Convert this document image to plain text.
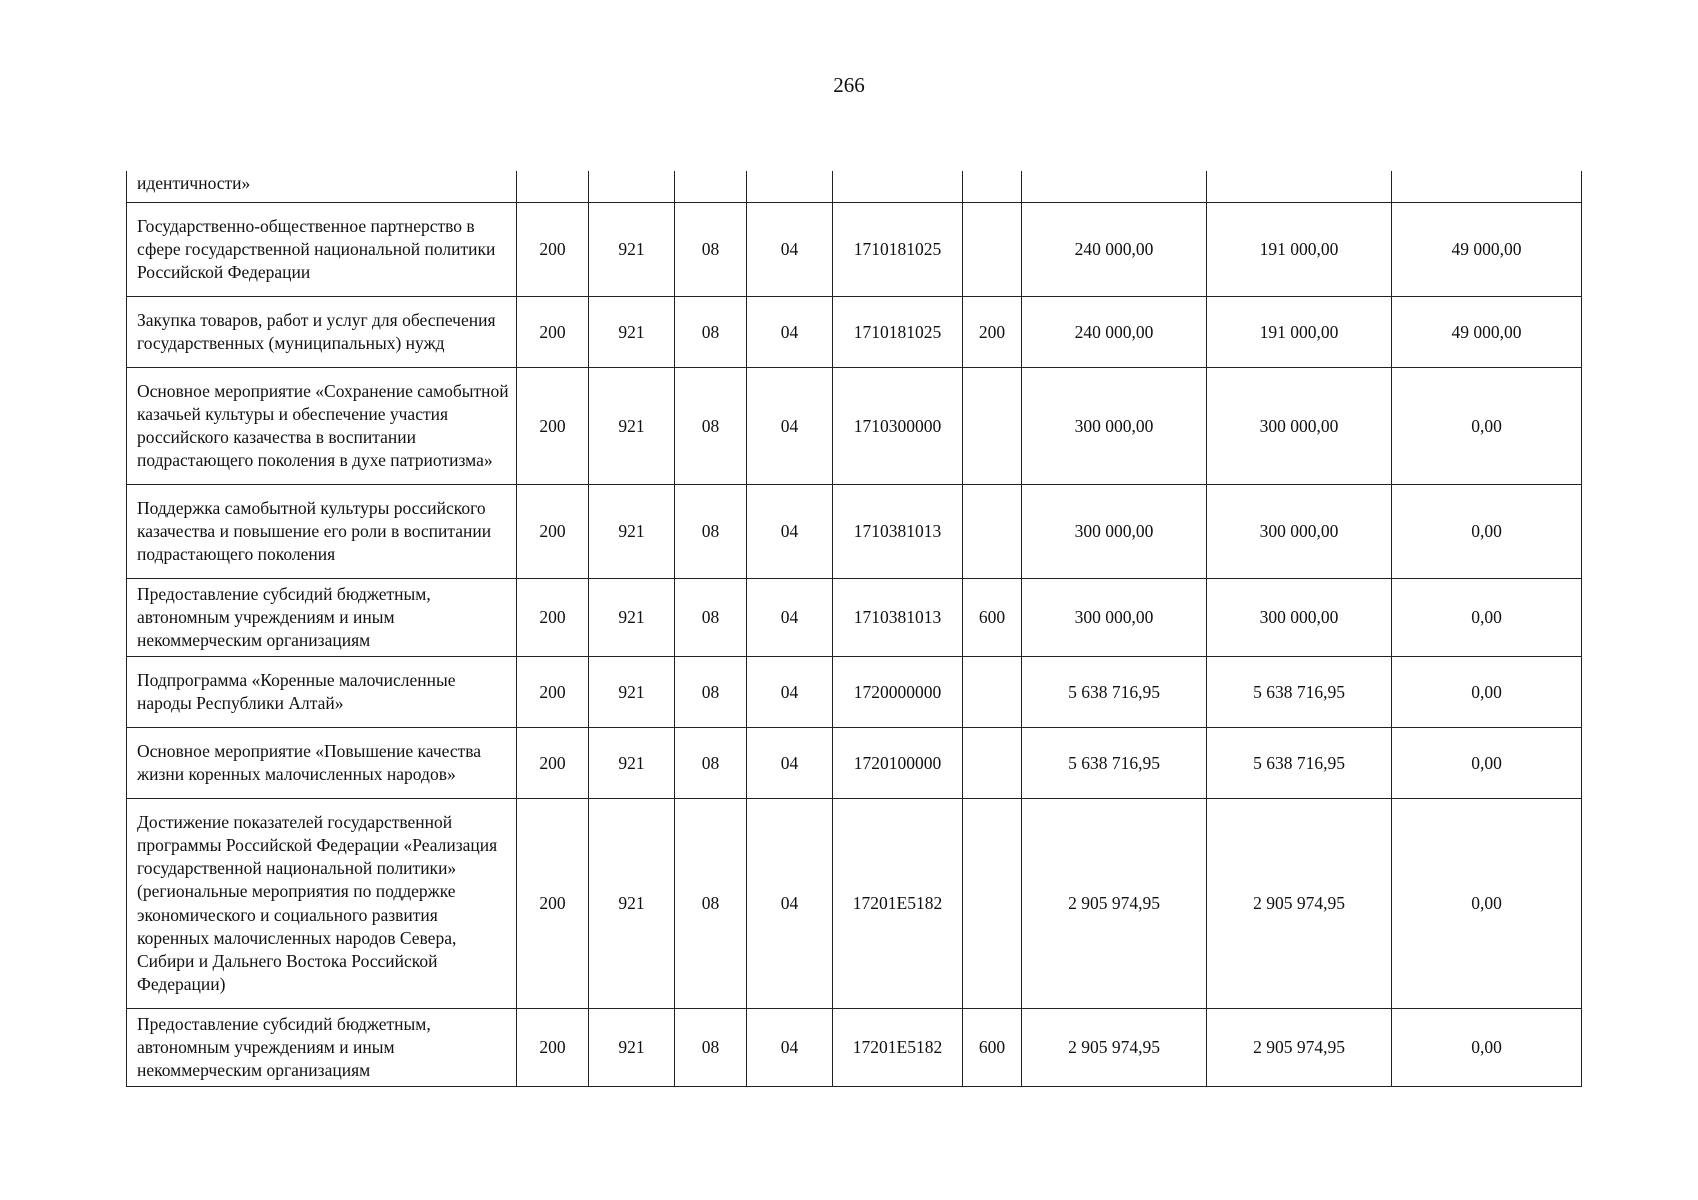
266
идентичности»									
Государственно-общественное партнерство в сфере государственной национальной политики Российской Федерации	200	921	08	04	1710181025		240 000,00	191 000,00	49 000,00
Закупка товаров, работ и услуг для обеспечения государственных (муниципальных) нужд	200	921	08	04	1710181025	200	240 000,00	191 000,00	49 000,00
Основное мероприятие «Сохранение самобытной казачьей культуры и обеспечение участия российского казачества в воспитании подрастающего поколения в духе патриотизма»	200	921	08	04	1710300000		300 000,00	300 000,00	0,00
Поддержка самобытной культуры российского казачества и повышение его роли в воспитании подрастающего поколения	200	921	08	04	1710381013		300 000,00	300 000,00	0,00
Предоставление субсидий бюджетным, автономным учреждениям и иным некоммерческим организациям	200	921	08	04	1710381013	600	300 000,00	300 000,00	0,00
Подпрограмма «Коренные малочисленные народы Республики Алтай»	200	921	08	04	1720000000		5 638 716,95	5 638 716,95	0,00
Основное мероприятие «Повышение качества жизни коренных малочисленных народов»	200	921	08	04	1720100000		5 638 716,95	5 638 716,95	0,00
Достижение показателей государственной программы Российской Федерации «Реализация государственной национальной политики» (региональные мероприятия по поддержке экономического и социального развития коренных малочисленных народов Севера, Сибири и Дальнего Востока Российской Федерации)	200	921	08	04	17201E5182		2 905 974,95	2 905 974,95	0,00
Предоставление субсидий бюджетным, автономным учреждениям и иным некоммерческим организациям	200	921	08	04	17201E5182	600	2 905 974,95	2 905 974,95	0,00
